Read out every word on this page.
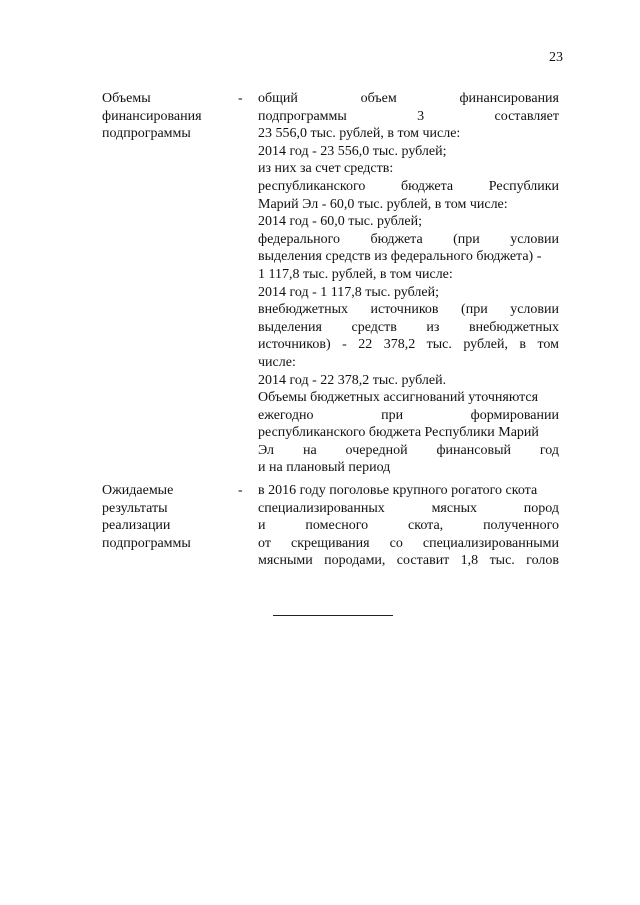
23
Объемы
финансирования
подпрограммы
- общий объем финансирования
подпрограммы 3 составляет
23 556,0 тыс. рублей, в том числе:
2014 год - 23 556,0 тыс. рублей;
из них за счет средств:
республиканского бюджета Республики
Марий Эл - 60,0 тыс. рублей, в том числе:
2014 год - 60,0 тыс. рублей;
федерального бюджета (при условии
выделения средств из федерального бюджета) -
1 117,8 тыс. рублей, в том числе:
2014 год - 1 117,8 тыс. рублей;
внебюджетных источников (при условии
выделения средств из внебюджетных
источников) - 22 378,2 тыс. рублей, в том
числе:
2014 год - 22 378,2 тыс. рублей.
Объемы бюджетных ассигнований уточняются
ежегодно при формировании
республиканского бюджета Республики Марий
Эл на очередной финансовый год
и на плановый период
Ожидаемые
результаты
реализации
подпрограммы
- в 2016 году поголовье крупного рогатого скота
специализированных мясных пород
и помесного скота, полученного
от скрещивания со специализированными
мясными породами, составит 1,8 тыс. голов
